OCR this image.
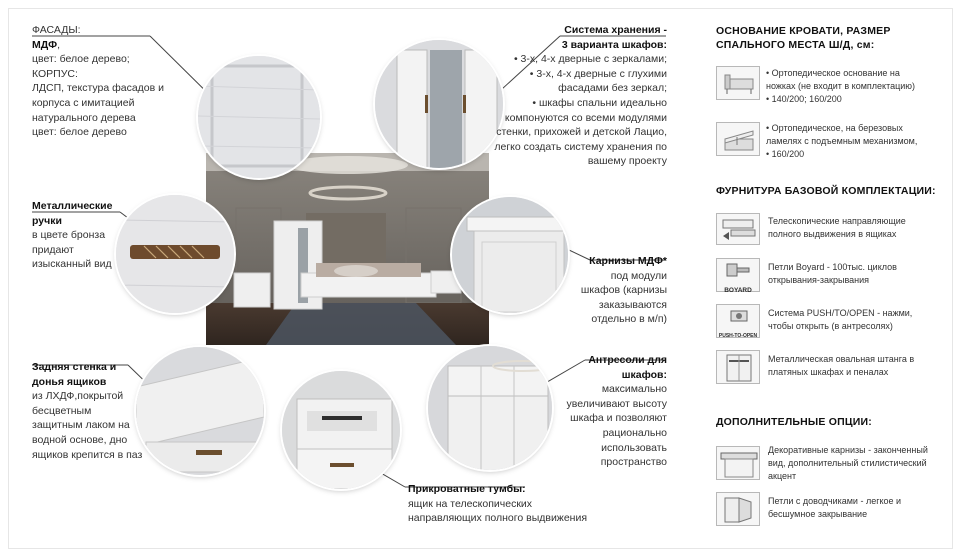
ФАСАДЫ:
МДФ,
цвет: белое дерево;
КОРПУС:
ЛДСП, текстура фасадов и
корпуса с имитацией
натурального дерева
цвет: белое дерево
Металлические
ручки
в цвете бронза
придают
изысканный вид
Задняя стенка и
донья ящиков
из ЛХДФ,покрытой
бесцветным
защитным лаком на
водной основе, дно
ящиков крепится в паз
Система хранения -
3 варианта шкафов:
• 3-х, 4-х дверные с зеркалами;
• 3-х, 4-х дверные с глухими
фасадами без зеркал;
• шкафы спальни идеально
компонуются со всеми модулями
стенки, прихожей и детской Лацио,
легко создать систему хранения по
вашему проекту
Карнизы МДФ*
под модули
шкафов (карнизы
заказываются
отдельно в м/п)
Антресоли для
шкафов:
максимально
увеличивают высоту
шкафа и позволяют
рационально
использовать
пространство
Прикроватные тумбы:
ящик на телескопических
направляющих полного выдвижения
ОСНОВАНИЕ КРОВАТИ, РАЗМЕР
СПАЛЬНОГО МЕСТА Ш/Д, см:
• Ортопедическое основание на
ножках (не входит в комплектацию)
• 140/200; 160/200
• Ортопедическое, на березовых
ламелях с подъемным механизмом,
• 160/200
ФУРНИТУРА БАЗОВОЙ КОМПЛЕКТАЦИИ:
Телескопические направляющие
полного выдвижения в ящиках
BOYARD
Петли Boyard - 100тыс. циклов
открывания-закрывания
PUSH-TO-OPEN
Система PUSH/TO/OPEN - нажми,
чтобы открыть (в антресолях)
Металлическая овальная штанга в
платяных шкафах и пеналах
ДОПОЛНИТЕЛЬНЫЕ ОПЦИИ:
Декоративные карнизы - законченный
вид, дополнительный стилистический
акцент
Петли с доводчиками - легкое и
бесшумное закрывание
